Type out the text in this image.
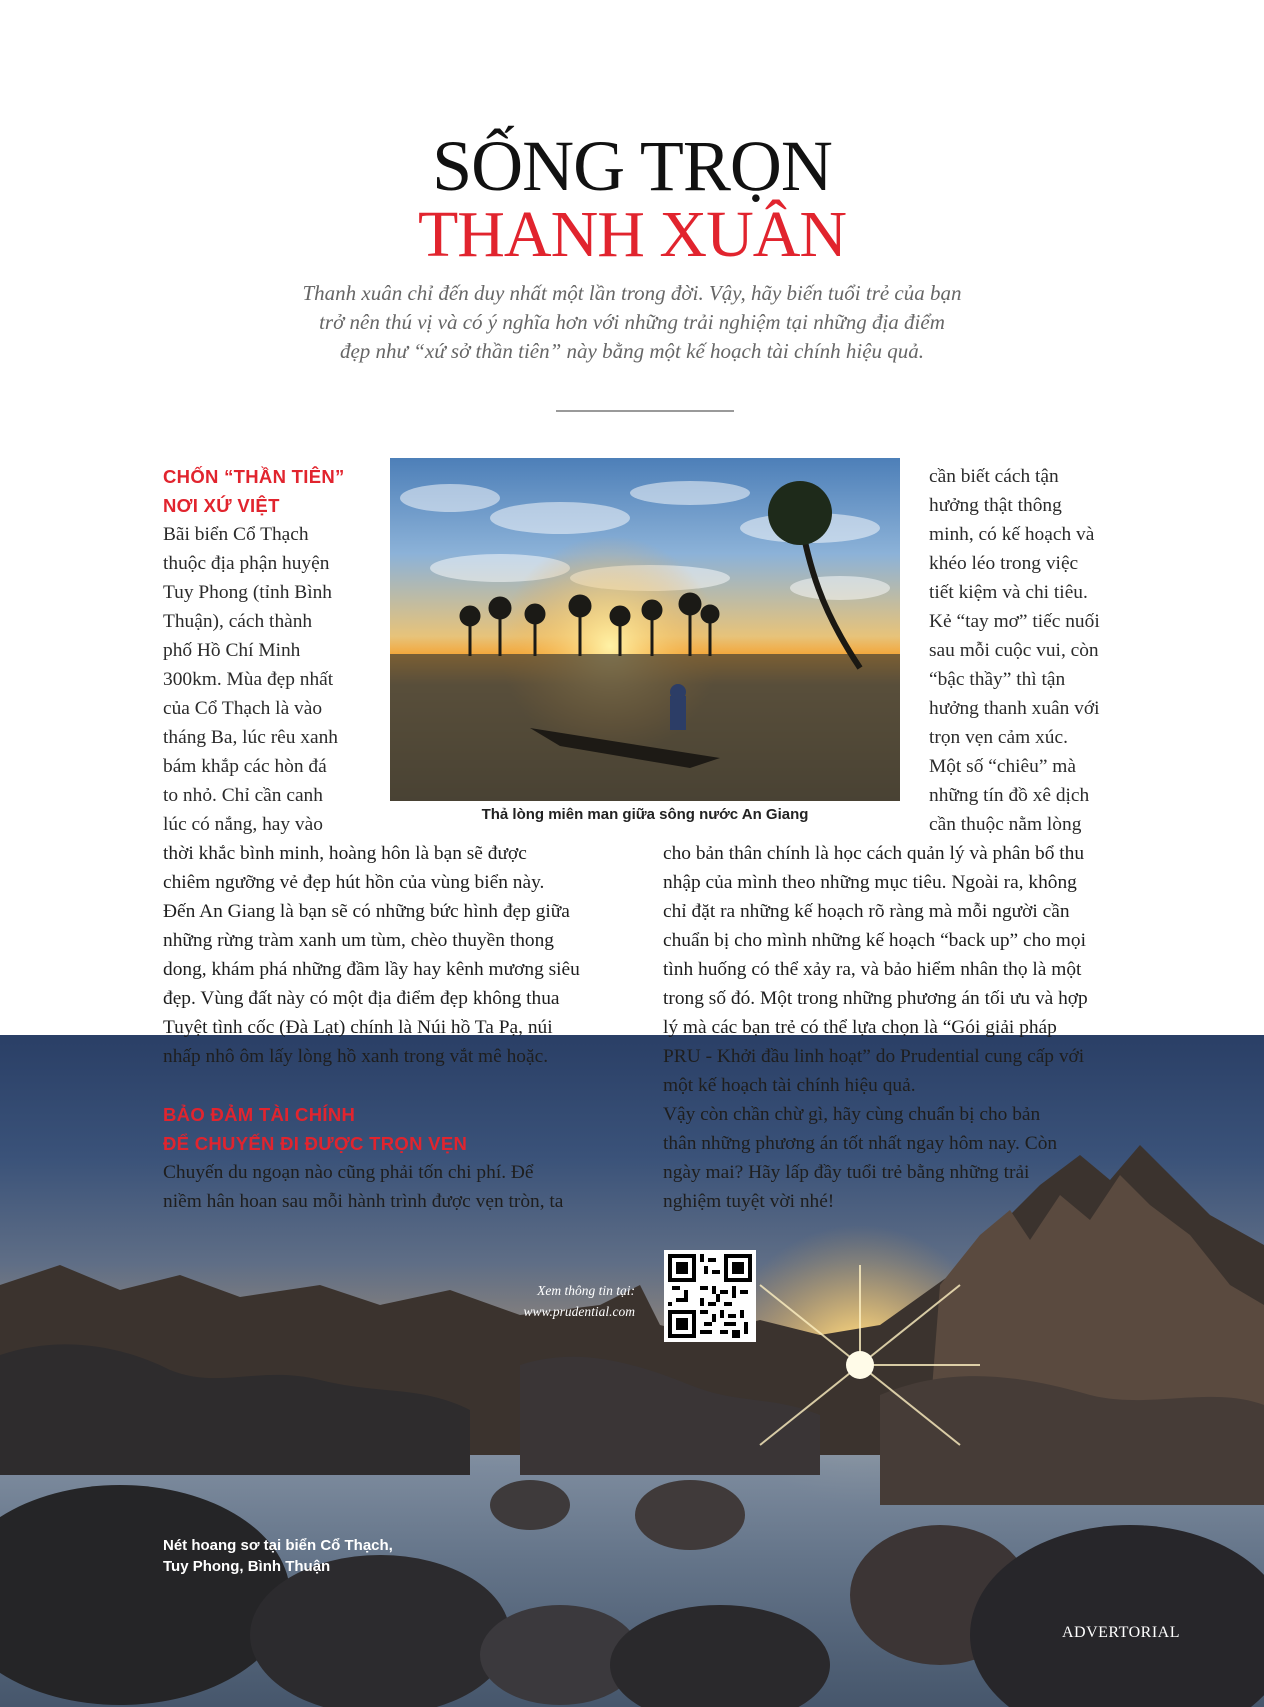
SỐNG TRỌN
THANH XUÂN
Thanh xuân chỉ đến duy nhất một lần trong đời. Vậy, hãy biến tuổi trẻ của bạn
trở nên thú vị và có ý nghĩa hơn với những trải nghiệm tại những địa điểm
đẹp như “xứ sở thần tiên” này bằng một kế hoạch tài chính hiệu quả.
CHỐN “THẦN TIÊN”
NƠI XỨ VIỆT
Bãi biển Cổ Thạch
thuộc địa phận huyện
Tuy Phong (tỉnh Bình
Thuận), cách thành
phố Hồ Chí Minh
300km. Mùa đẹp nhất
của Cổ Thạch là vào
tháng Ba, lúc rêu xanh
bám khắp các hòn đá
to nhỏ. Chỉ cần canh
lúc có nắng, hay vào
thời khắc bình minh, hoàng hôn là bạn sẽ được
chiêm ngưỡng vẻ đẹp hút hồn của vùng biển này.
Đến An Giang là bạn sẽ có những bức hình đẹp giữa
những rừng tràm xanh um tùm, chèo thuyền thong
dong, khám phá những đầm lầy hay kênh mương siêu
đẹp. Vùng đất này có một địa điểm đẹp không thua
Tuyệt tình cốc (Đà Lạt) chính là Núi hồ Ta Pạ, núi
nhấp nhô ôm lấy lòng hồ xanh trong vắt mê hoặc.
BẢO ĐẢM TÀI CHÍNH
ĐỂ CHUYẾN ĐI ĐƯỢC TRỌN VẸN
Chuyến du ngoạn nào cũng phải tốn chi phí. Để
niềm hân hoan sau mỗi hành trình được vẹn tròn, ta
Thả lòng miên man giữa sông nước An Giang
cần biết cách tận
hưởng thật thông
minh, có kế hoạch và
khéo léo trong việc
tiết kiệm và chi tiêu.
Kẻ “tay mơ” tiếc nuối
sau mỗi cuộc vui, còn
“bậc thầy” thì tận
hưởng thanh xuân với
trọn vẹn cảm xúc.
Một số “chiêu” mà
những tín đồ xê dịch
cần thuộc nằm lòng
cho bản thân chính là học cách quản lý và phân bổ thu
nhập của mình theo những mục tiêu. Ngoài ra, không
chỉ đặt ra những kế hoạch rõ ràng mà mỗi người cần
chuẩn bị cho mình những kế hoạch “back up” cho mọi
tình huống có thể xảy ra, và bảo hiểm nhân thọ là một
trong số đó. Một trong những phương án tối ưu và hợp
lý mà các bạn trẻ có thể lựa chọn là “Gói giải pháp
PRU - Khởi đầu linh hoạt” do Prudential cung cấp với
một kế hoạch tài chính hiệu quả.
Vậy còn chần chừ gì, hãy cùng chuẩn bị cho bản
thân những phương án tốt nhất ngay hôm nay. Còn
ngày mai? Hãy lấp đầy tuổi trẻ bằng những trải
nghiệm tuyệt vời nhé!
Xem thông tin tại:
www.prudential.com
Nét hoang sơ tại biển Cổ Thạch,
Tuy Phong, Bình Thuận
ADVERTORIAL
